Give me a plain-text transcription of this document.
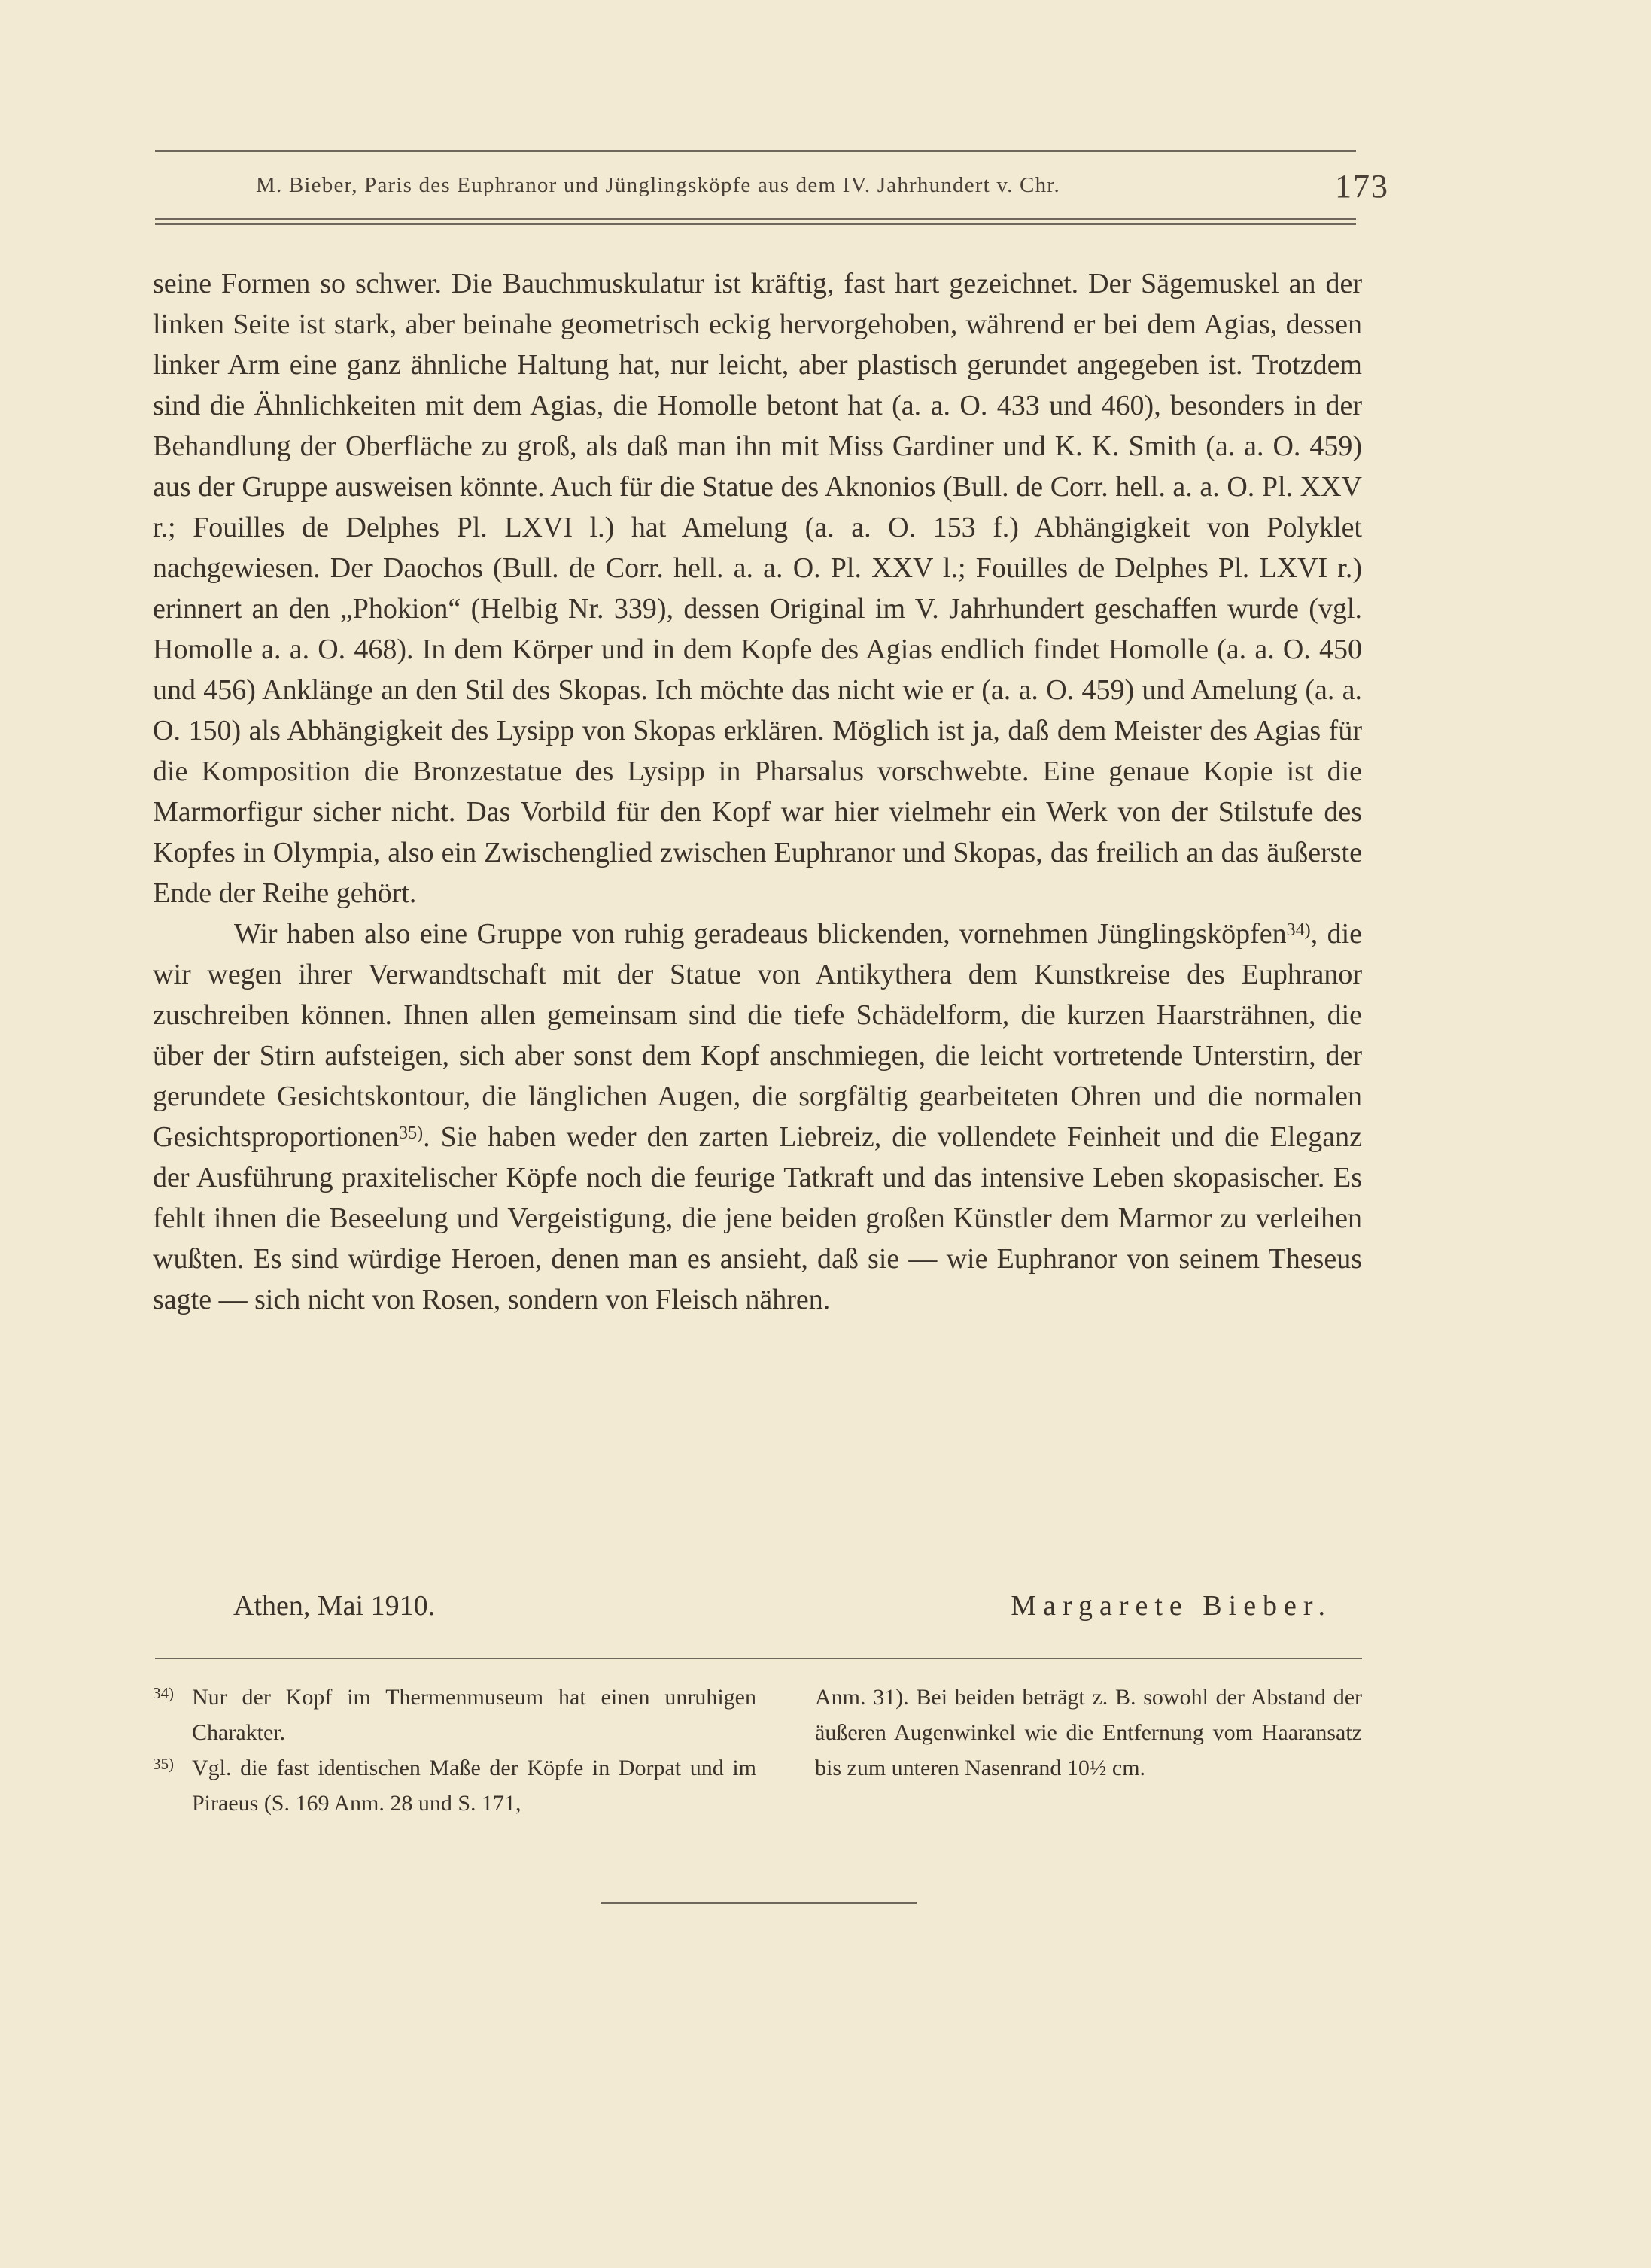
M. Bieber, Paris des Euphranor und Jünglingsköpfe aus dem IV. Jahrhundert v. Chr.	173

seine Formen so schwer. Die Bauchmuskulatur ist kräftig, fast hart gezeichnet. Der Sägemuskel an der linken Seite ist stark, aber beinahe geometrisch eckig hervorgehoben, während er bei dem Agias, dessen linker Arm eine ganz ähnliche Haltung hat, nur leicht, aber plastisch gerundet angegeben ist. Trotzdem sind die Ähnlichkeiten mit dem Agias, die Homolle betont hat (a. a. O. 433 und 460), besonders in der Behandlung der Oberfläche zu groß, als daß man ihn mit Miss Gardiner und K. K. Smith (a. a. O. 459) aus der Gruppe ausweisen könnte. Auch für die Statue des Aknonios (Bull. de Corr. hell. a. a. O. Pl. XXV r.; Fouilles de Delphes Pl. LXVI l.) hat Amelung (a. a. O. 153 f.) Abhängigkeit von Polyklet nachgewiesen. Der Daochos (Bull. de Corr. hell. a. a. O. Pl. XXV l.; Fouilles de Delphes Pl. LXVI r.) erinnert an den „Phokion“ (Helbig Nr. 339), dessen Original im V. Jahrhundert geschaffen wurde (vgl. Homolle a. a. O. 468). In dem Körper und in dem Kopfe des Agias endlich findet Homolle (a. a. O. 450 und 456) Anklänge an den Stil des Skopas. Ich möchte das nicht wie er (a. a. O. 459) und Amelung (a. a. O. 150) als Abhängigkeit des Lysipp von Skopas erklären. Möglich ist ja, daß dem Meister des Agias für die Komposition die Bronzestatue des Lysipp in Pharsalus vorschwebte. Eine genaue Kopie ist die Marmorfigur sicher nicht. Das Vorbild für den Kopf war hier vielmehr ein Werk von der Stilstufe des Kopfes in Olympia, also ein Zwischenglied zwischen Euphranor und Skopas, das freilich an das äußerste Ende der Reihe gehört.

Wir haben also eine Gruppe von ruhig geradeaus blickenden, vornehmen Jünglingsköpfen$^{34)}$, die wir wegen ihrer Verwandtschaft mit der Statue von Antikythera dem Kunstkreise des Euphranor zuschreiben können. Ihnen allen gemeinsam sind die tiefe Schädelform, die kurzen Haarsträhnen, die über der Stirn aufsteigen, sich aber sonst dem Kopf anschmiegen, die leicht vortretende Unterstirn, der gerundete Gesichtskontour, die länglichen Augen, die sorgfältig gearbeiteten Ohren und die normalen Gesichtsproportionen$^{35)}$. Sie haben weder den zarten Liebreiz, die vollendete Feinheit und die Eleganz der Ausführung praxitelischer Köpfe noch die feurige Tatkraft und das intensive Leben skopasischer. Es fehlt ihnen die Beseelung und Vergeistigung, die jene beiden großen Künstler dem Marmor zu verleihen wußten. Es sind würdige Heroen, denen man es ansieht, daß sie — wie Euphranor von seinem Theseus sagte — sich nicht von Rosen, sondern von Fleisch nähren.

Athen, Mai 1910.	Margarete Bieber.

$^{34)}$ Nur der Kopf im Thermenmuseum hat einen unruhigen Charakter.

$^{35)}$ Vgl. die fast identischen Maße der Köpfe in Dorpat und im Piraeus (S. 169 Anm. 28 und S. 171,

Anm. 31). Bei beiden beträgt z. B. sowohl der Abstand der äußeren Augenwinkel wie die Entfernung vom Haaransatz bis zum unteren Nasenrand 10½ cm.
